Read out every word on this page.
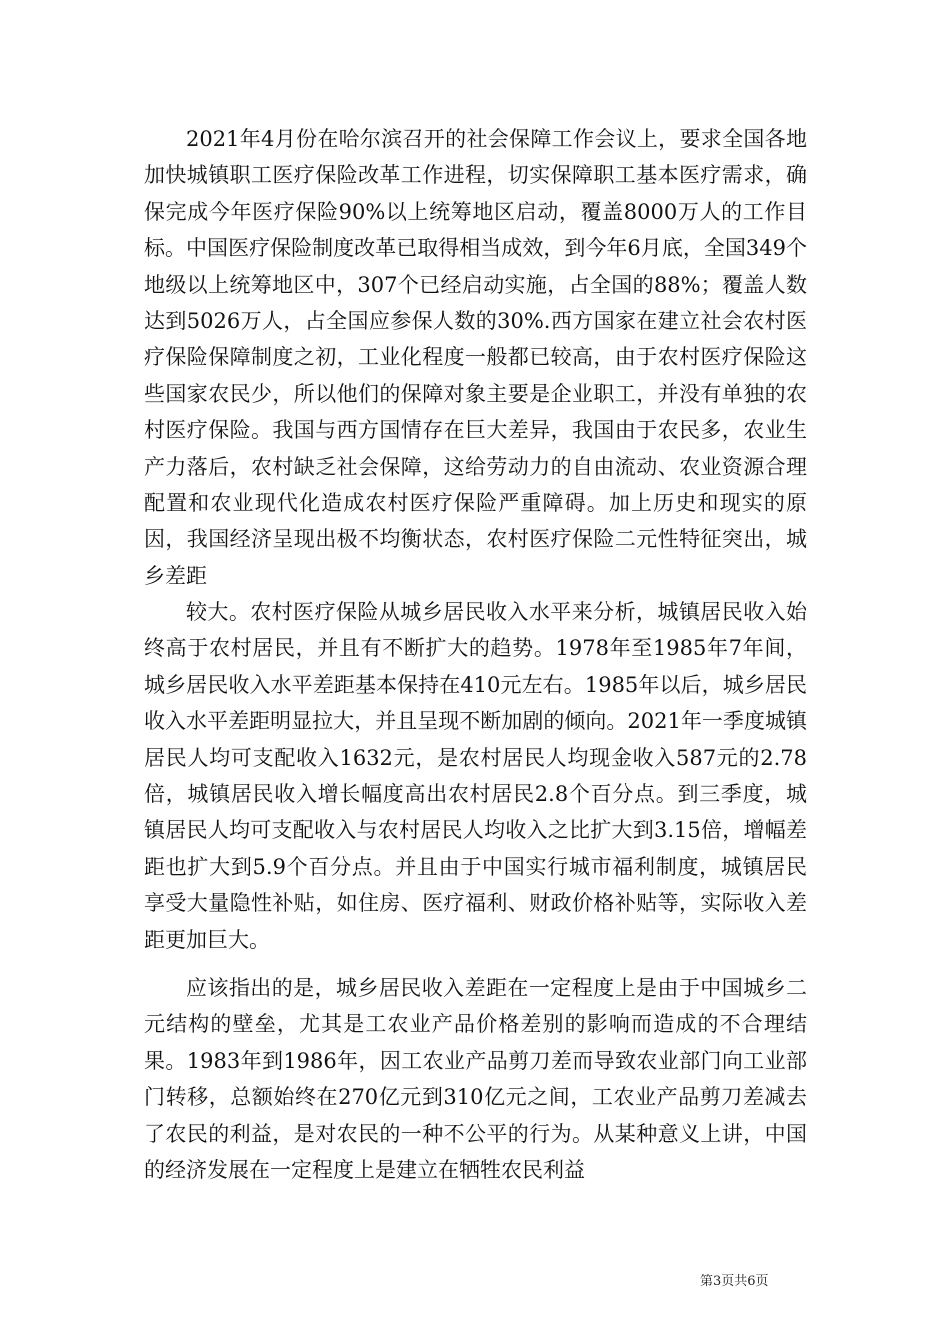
2021年4月份在哈尔滨召开的社会保障工作会议上，要求全国各地加快城镇职工医疗保险改革工作进程，切实保障职工基本医疗需求，确保完成今年医疗保险90%以上统筹地区启动，覆盖8000万人的工作目标。中国医疗保险制度改革已取得相当成效，到今年6月底，全国349个地级以上统筹地区中，307个已经启动实施，占全国的88%；覆盖人数达到5026万人，占全国应参保人数的30%.西方国家在建立社会农村医疗保险保障制度之初，工业化程度一般都已较高，由于农村医疗保险这些国家农民少，所以他们的保障对象主要是企业职工，并没有单独的农村医疗保险。我国与西方国情存在巨大差异，我国由于农民多，农业生产力落后，农村缺乏社会保障，这给劳动力的自由流动、农业资源合理配置和农业现代化造成农村医疗保险严重障碍。加上历史和现实的原因，我国经济呈现出极不均衡状态，农村医疗保险二元性特征突出，城乡差距

较大。农村医疗保险从城乡居民收入水平来分析，城镇居民收入始终高于农村居民，并且有不断扩大的趋势。1978年至1985年7年间，城乡居民收入水平差距基本保持在410元左右。1985年以后，城乡居民收入水平差距明显拉大，并且呈现不断加剧的倾向。2021年一季度城镇居民人均可支配收入1632元，是农村居民人均现金收入587元的2.78倍，城镇居民收入增长幅度高出农村居民2.8个百分点。到三季度，城镇居民人均可支配收入与农村居民人均收入之比扩大到3.15倍，增幅差距也扩大到5.9个百分点。并且由于中国实行城市福利制度，城镇居民享受大量隐性补贴，如住房、医疗福利、财政价格补贴等，实际收入差距更加巨大。

应该指出的是，城乡居民收入差距在一定程度上是由于中国城乡二元结构的壁垒，尤其是工农业产品价格差别的影响而造成的不合理结果。1983年到1986年，因工农业产品剪刀差而导致农业部门向工业部门转移，总额始终在270亿元到310亿元之间，工农业产品剪刀差减去了农民的利益，是对农民的一种不公平的行为。从某种意义上讲，中国的经济发展在一定程度上是建立在牺牲农民利益

第3页共6页
